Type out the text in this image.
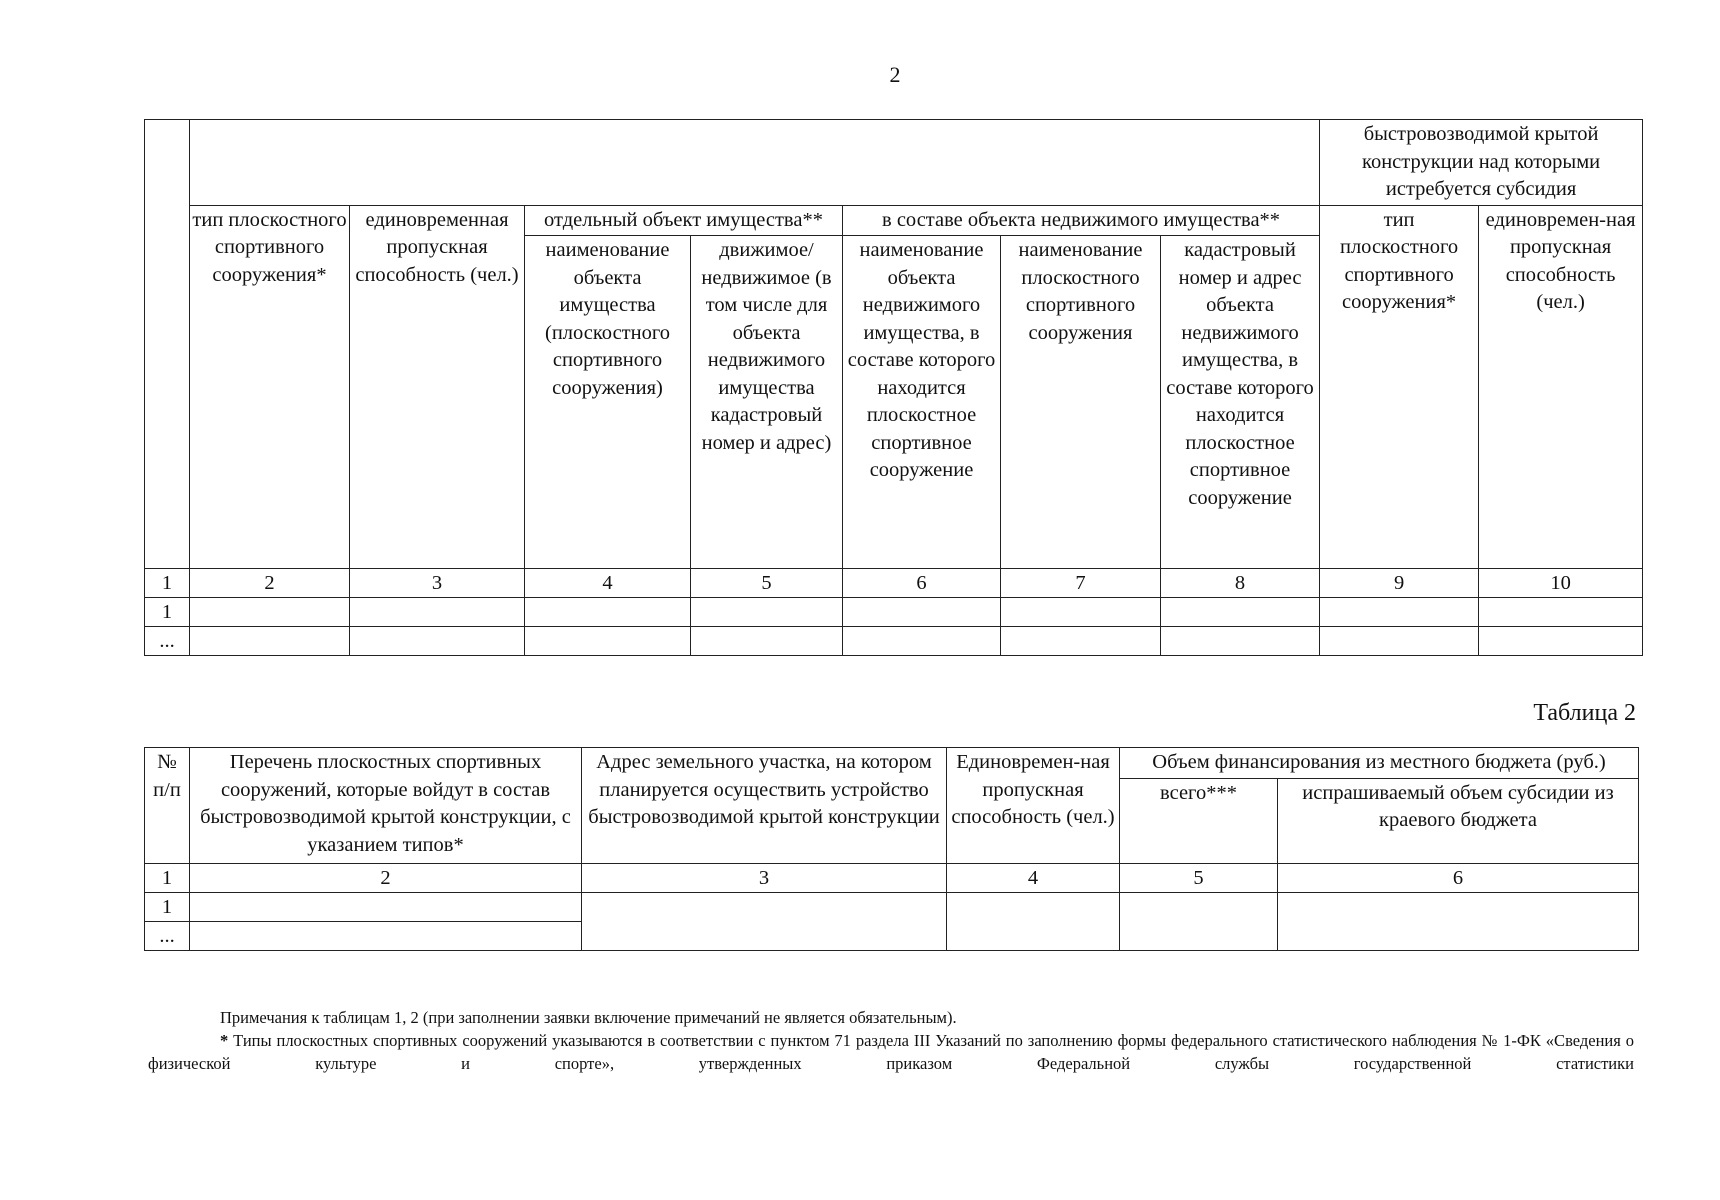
2
								быстровозводимой крытой конструкции над которыми истребуется субсидия	
	тип плоскостного спортивного сооружения*	единовременная пропускная способность (чел.)	отдельный объект имущества**		в составе объекта недвижимого имущества**			тип плоскостного спортивного сооружения*	единовремен-ная пропускная способность (чел.)
			наименование объекта имущества (плоскостного спортивного сооружения)	движимое/ недвижимое (в том числе для объекта недвижимого имущества кадастровый номер и адрес)	наименование объекта недвижимого имущества, в составе которого находится плоскостное спортивное сооружение	наименование плоскостного спортивного сооружения	кадастровый номер и адрес объекта недвижимого имущества, в составе которого находится плоскостное спортивное сооружение		
1	2	3	4	5	6	7	8	9	10
1									
...									
Таблица 2
№ п/п	Перечень плоскостных спортивных сооружений, которые войдут в состав быстровозводимой крытой конструкции, с указанием типов*	Адрес земельного участка, на котором планируется осуществить устройство быстровозводимой крытой конструкции	Единовремен-ная пропускная способность (чел.)	Объем финансирования из местного бюджета (руб.)	
				всего***	испрашиваемый объем субсидии из краевого бюджета
1	2	3	4	5	6
1					
...					

Примечания к таблицам 1, 2 (при заполнении заявки включение примечаний не является обязательным).

* Типы плоскостных спортивных сооружений указываются в соответствии с пунктом 71 раздела III Указаний по заполнению формы федерального статистического наблюдения № 1-ФК «Сведения о физической культуре и спорте», утвержденных приказом Федеральной службы государственной статистики
